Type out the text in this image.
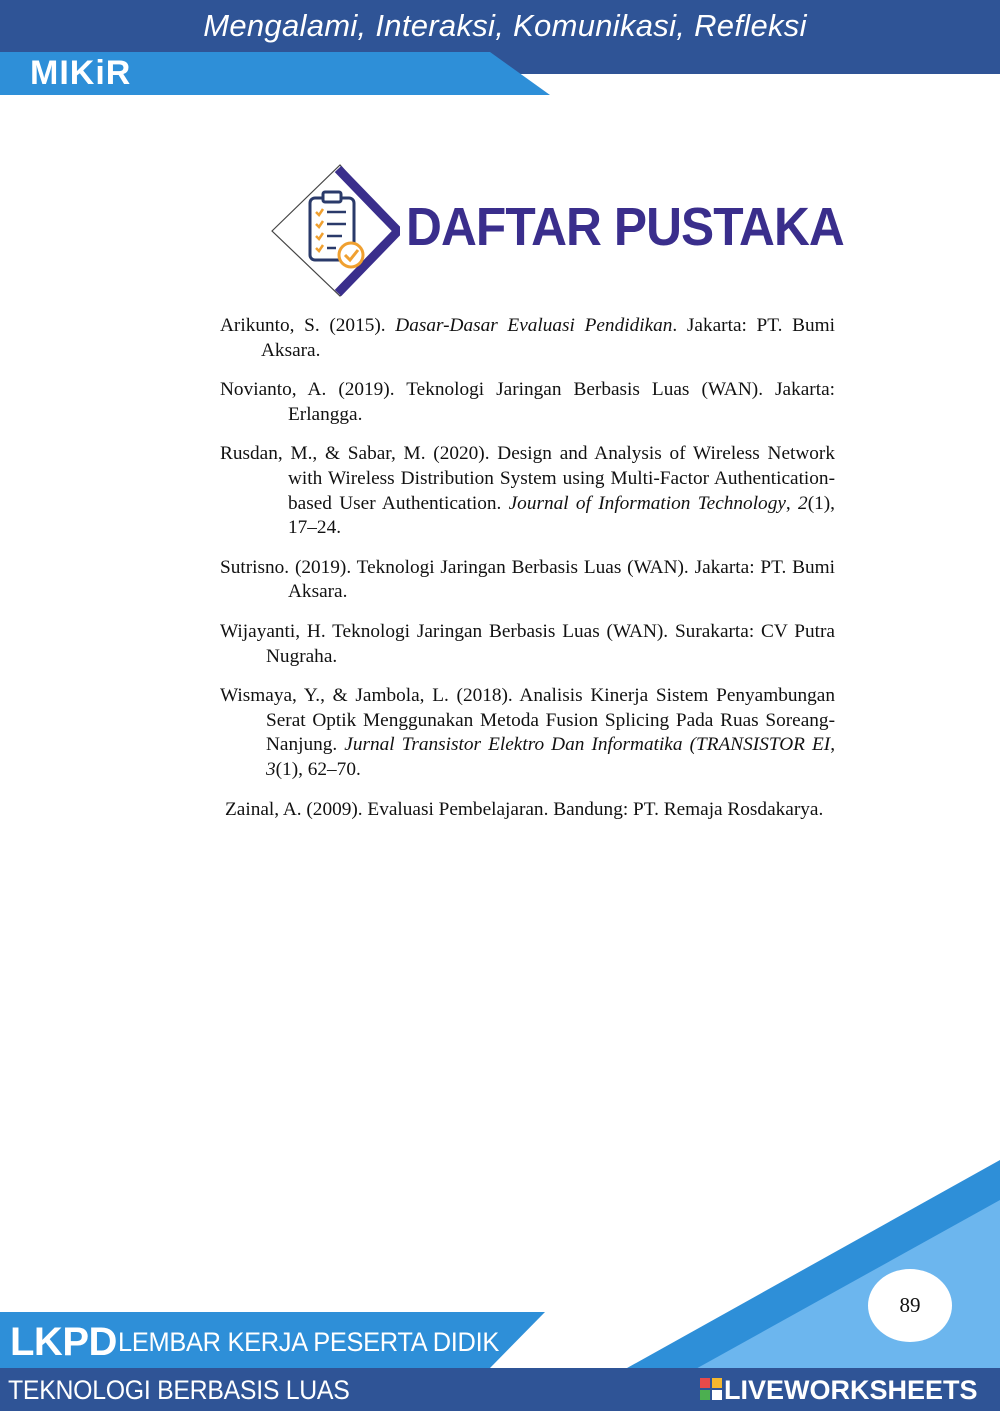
Mengalami, Interaksi, Komunikasi, Refleksi
MIKiR
DAFTAR PUSTAKA
Arikunto, S. (2015). Dasar-Dasar Evaluasi Pendidikan. Jakarta: PT. Bumi Aksara.
Novianto, A. (2019). Teknologi Jaringan Berbasis Luas (WAN). Jakarta: Erlangga.
Rusdan, M., & Sabar, M. (2020). Design and Analysis of Wireless Network with Wireless Distribution System using Multi-Factor Authentication-based User Authentication. Journal of Information Technology, 2(1), 17–24.
Sutrisno. (2019). Teknologi Jaringan Berbasis Luas (WAN). Jakarta: PT. Bumi Aksara.
Wijayanti, H. Teknologi Jaringan Berbasis Luas (WAN). Surakarta: CV Putra Nugraha.
Wismaya, Y., & Jambola, L. (2018). Analisis Kinerja Sistem Penyambungan Serat Optik Menggunakan Metoda Fusion Splicing Pada Ruas Soreang-Nanjung. Jurnal Transistor Elektro Dan Informatika (TRANSISTOR EI, 3(1), 62–70.
Zainal, A. (2009). Evaluasi Pembelajaran. Bandung: PT. Remaja Rosdakarya.
89
LKPD LEMBAR KERJA PESERTA DIDIK
TEKNOLOGI BERBASIS LUAS	LIVEWORKSHEETS
